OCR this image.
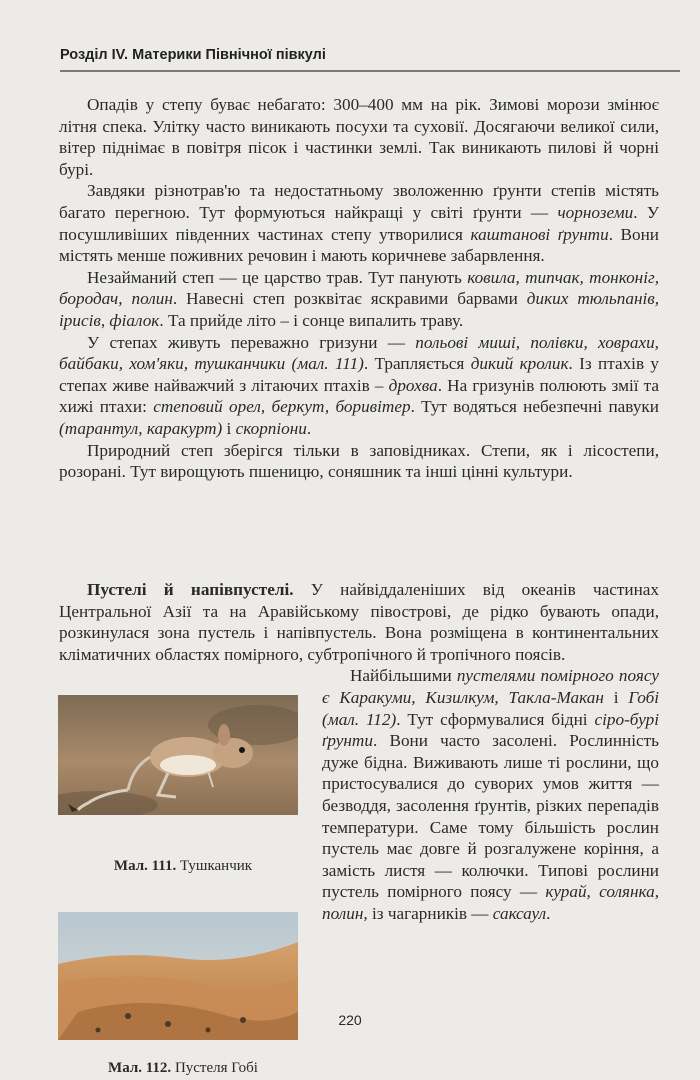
Розділ IV. Материки Північної півкулі

Опадів у степу буває небагато: 300–400 мм на рік. Зимові морози змінює літня спека. Улітку часто виникають посухи та суховії. Досягаючи великої сили, вітер піднімає в повітря пісок і частинки землі. Так виникають пилові й чорні бурі.

Завдяки різнотрав'ю та недостатньому зволоженню ґрунти степів містять багато перегною. Тут формуються найкращі у світі ґрунти — чорноземи. У посушливіших південних частинах степу утворилися каштанові ґрунти. Вони містять менше поживних речовин і мають коричневе забарвлення.

Незайманий степ — це царство трав. Тут панують ковила, типчак, тонконіг, бородач, полин. Навесні степ розквітає яскравими барвами диких тюльпанів, ірисів, фіалок. Та прийде літо – і сонце випалить траву.

У степах живуть переважно гризуни — польові миші, полівки, ховрахи, байбаки, хом'яки, тушканчики (мал. 111). Трапляється дикий кролик. Із птахів у степах живе найважчий з літаючих птахів – дрохва. На гризунів полюють змії та хижі птахи: степовий орел, беркут, боривітер. Тут водяться небезпечні павуки (тарантул, каракурт) і скорпіони.

Природний степ зберігся тільки в заповідниках. Степи, як і лісостепи, розорані. Тут вирощують пшеницю, соняшник та інші цінні культури.

Пустелі й напівпустелі. У найвіддаленіших від океанів частинах Центральної Азії та на Аравійському півострові, де рідко бувають опади, розкинулася зона пустель і напівпустель. Вона розміщена в континентальних кліматичних областях помірного, субтропічного й тропічного поясів.

Мал. 111. Тушканчик
Мал. 112. Пустеля Гобі

Найбільшими пустелями помірного поясу є Каракуми, Кизилкум, Такла-Макан і Гобі (мал. 112). Тут сформувалися бідні сіро-бурі ґрунти. Вони часто засолені. Рослинність дуже бідна. Виживають лише ті рослини, що пристосувалися до суворих умов життя — безводдя, засолення ґрунтів, різких перепадів температури. Саме тому більшість рослин пустель має довге й розгалужене коріння, а замість листя — колючки. Типові рослини пустель помірного поясу — курай, солянка, полин, із чагарників — саксаул.

220
